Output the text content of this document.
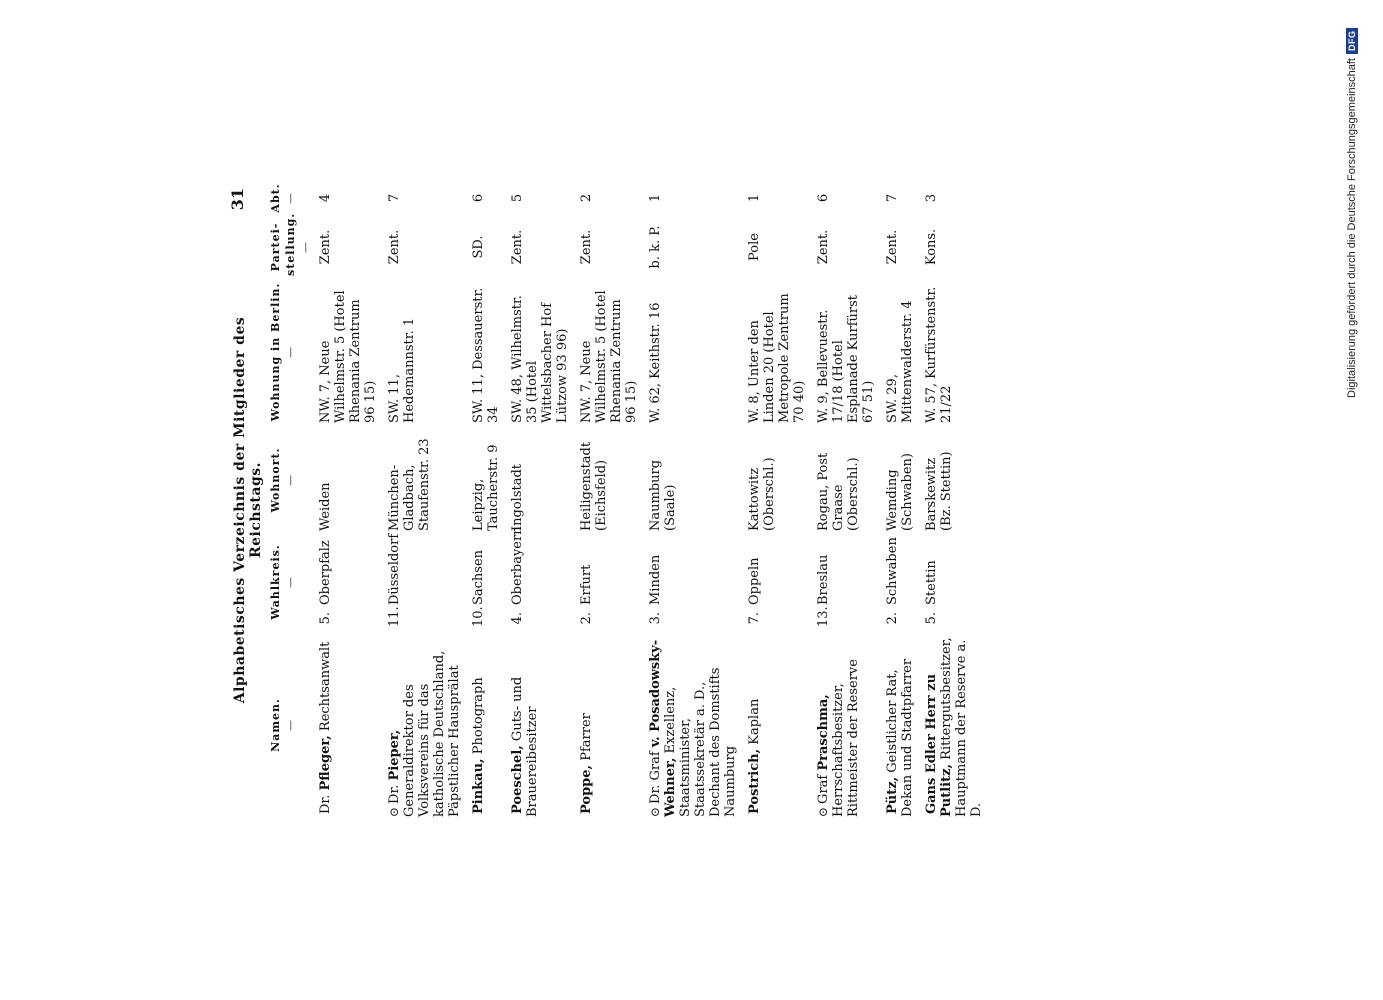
Alphabetisches Verzeichnis der Mitglieder des Reichstags.
31
Namen. —	Wahlkreis. —		Wohnort. —	Wohnung in Berlin. —	Partei-stellung. —	Abt. —

Dr. Pfleger, Rechtsanwalt	5.	Oberpfalz	Weiden	NW. 7, Neue Wilhelmstr. 5 (Hotel Rhenania Zentrum 96 15)	Zent.	4
⊙Dr. Pieper, Generaldirektor des Volksvereins für das katholische Deutschland, Päpstlicher Hausprälat	11.	Düsseldorf	München-Gladbach, Staufenstr. 23	SW. 11, Hedemannstr. 1	Zent.	7
Pinkau, Photograph	10.	Sachsen	Leipzig, Taucherstr. 9	SW. 11, Dessauerstr. 34	SD.	6
Poeschel, Guts- und Brauereibesitzer	4.	Oberbayern	Ingolstadt	SW. 48, Wilhelmstr. 35 (Hotel Wittelsbacher Hof Lützow 93 96)	Zent.	5
Poppe, Pfarrer	2.	Erfurt	Heiligenstadt (Eichsfeld)	NW. 7, Neue Wilhelmstr. 5 (Hotel Rhenania Zentrum 96 15)	Zent.	2
⊙Dr. Graf v. Posadowsky-Wehner, Exzellenz, Staatsminister, Staatssekretär a. D., Dechant des Domstifts Naumburg	3.	Minden	Naumburg (Saale)	W. 62, Keithstr. 16	b. k. P.	1
Postrich, Kaplan	7.	Oppeln	Kattowitz (Oberschl.)	W. 8, Unter den Linden 20 (Hotel Metropole Zentrum 70 40)	Pole	1
⊙Graf Praschma, Herrschaftsbesitzer, Rittmeister der Reserve	13.	Breslau	Rogau, Post Graase (Oberschl.)	W. 9, Bellevuestr. 17/18 (Hotel Esplanade Kurfürst 67 51)	Zent.	6
Pütz, Geistlicher Rat, Dekan und Stadtpfarrer	2.	Schwaben	Wemding (Schwaben)	SW. 29, Mittenwalderstr. 4	Zent.	7
Gans Edler Herr zu Putlitz, Rittergutsbesitzer, Hauptmann der Reserve a. D.	5.	Stettin	Barskewitz (Bz. Stettin)	W. 57, Kurfürstenstr. 21/22	Kons.	3	Digitalisierung gefördert durch die Deutsche Forschungsgemeinschaft
DFG
